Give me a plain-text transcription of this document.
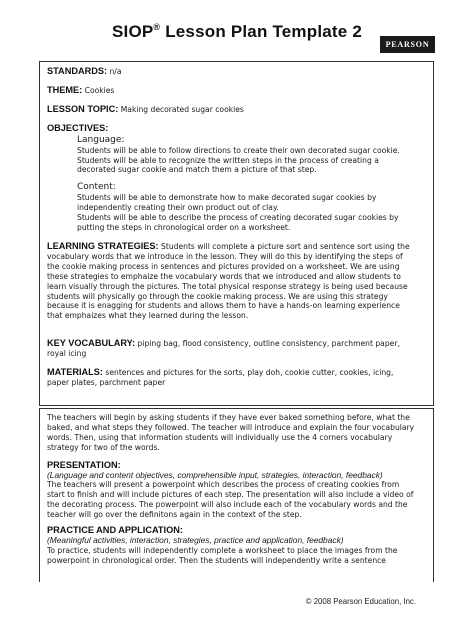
SIOP® Lesson Plan Template 2
PEARSON

STANDARDS: n/a

THEME: Cookies

LESSON TOPIC: Making decorated sugar cookies

OBJECTIVES:

Language:

Students will be able to follow directions to create their own decorated sugar cookie.

Students will be able to recognize the written steps in the process of creating a

decorated sugar cookie and match them a picture of that step.

Content:

Students will be able to demonstrate how to make decorated sugar cookies by

independently creating their own product out of clay.

Students will be able to describe the process of creating decorated sugar cookies by

putting the steps in chronological order on a worksheet.

LEARNING STRATEGIES: Students will complete a picture sort and sentence sort using the

vocabulary words that we introduce in the lesson. They will do this by identifying the steps of

the cookie making process in sentences and pictures provided on a worksheet. We are using

these strategies to emphaize the vocabulary words that we introduced and allow students to

learn visually through the pictures. The total physical response strategy is being used because

students will physically go through the cookie making process. We are using this strategy

because it is enagging for students and allows them to have a hands-on learning experience

that emphaizes what they learned during the lesson.

KEY VOCABULARY: piping bag, flood consistency, outline consistency, parchment paper,

royal icing

MATERIALS: sentences and pictures for the sorts, play doh, cookie cutter, cookies, icing,

paper plates, parchment paper

The teachers will begin by asking students if they have ever baked something before, what the

baked, and what steps they followed. The teacher will introduce and explain the four vocabulary

words. Then, using that information students will individually use the 4 corners vocabulary

strategy for two of the words.

PRESENTATION:

(Language and content objectives, comprehensible input, strategies, interaction, feedback)

The teachers will present a powerpoint which describes the process of creating cookies from

start to finish and will include pictures of each step. The presentation will also include a video of

the decorating process. The powerpoint will also include each of the vocabulary words and the

teacher will go over the definitons again in the context of the step.

PRACTICE AND APPLICATION:

(Meaningful activities, interaction, strategies, practice and application, feedback)

To practice, students will independently complete a worksheet to place the images from the

powerpoint in chronological order. Then the students will independently write a sentence

© 2008 Pearson Education, Inc.
